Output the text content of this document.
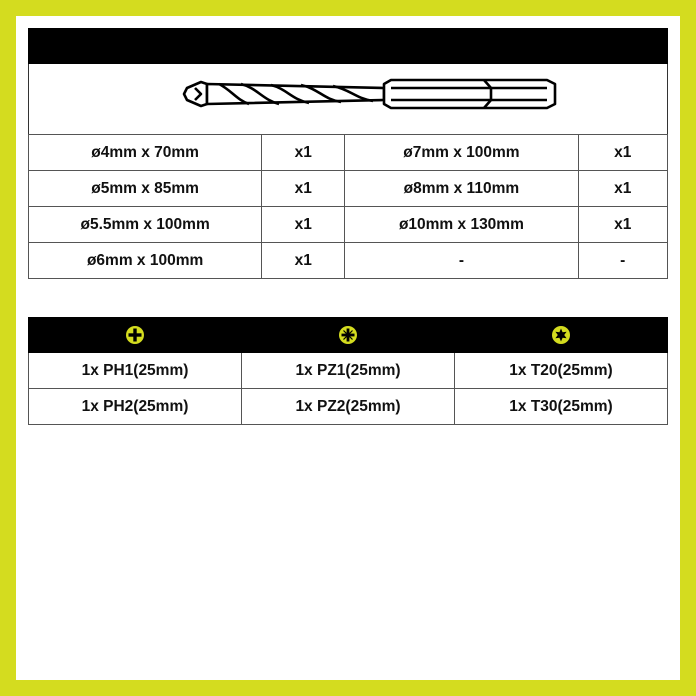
ø4mm x 70mm	x1	ø7mm x 100mm	x1
ø5mm x 85mm	x1	ø8mm x 110mm	x1
ø5.5mm x 100mm	x1	ø10mm x 130mm	x1
ø6mm x 100mm	x1	-	-

1x PH1(25mm)	1x PZ1(25mm)	1x T20(25mm)
1x PH2(25mm)	1x PZ2(25mm)	1x T30(25mm)
